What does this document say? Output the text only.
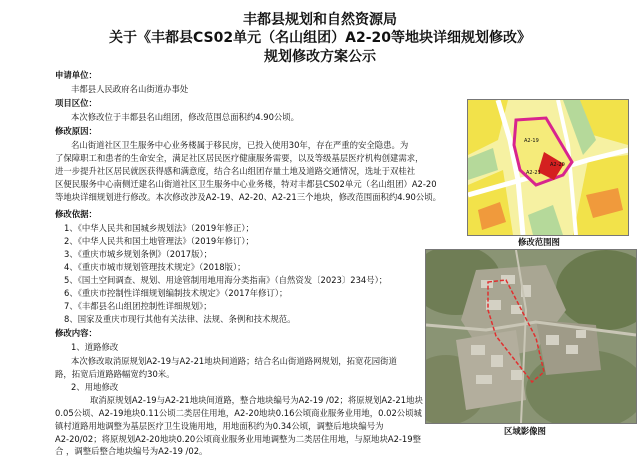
丰都县规划和自然资源局
关于《丰都县CS02单元（名山组团）A2-20等地块详细规划修改》
规划修改方案公示
申请单位：
丰都县人民政府名山街道办事处
项目区位：
本次修改位于丰都县名山组团，修改范围总面积约4.90公顷。
修改原因：
名山街道社区卫生服务中心业务楼属于移民房，已投入使用30年，存在严重的安全隐患。为
了保障职工和患者的生命安全，满足社区居民医疗健康服务需要，以及等级基层医疗机构创建需求，
进一步提升社区居民就医获得感和满意度，结合名山组团存量土地及道路交通情况，选址于双桂社
区便民服务中心南侧迁建名山街道社区卫生服务中心业务楼，特对丰都县CS02单元（名山组团）A2-20
等地块详细规划进行修改。本次修改涉及A2-19、A2-20、A2-21三个地块，修改范围面积约4.90公顷。
修改依据：
1、《中华人民共和国城乡规划法》（2019年修正）；
2、《中华人民共和国土地管理法》（2019年修订）；
3、《重庆市城乡规划条例》（2017版）；
4、《重庆市城市规划管理技术规定》（2018版）；
5、《国土空间调查、规划、用途管制用地用海分类指南》（自然资发〔2023〕234号）；
6、《重庆市控制性详细规划编制技术规定》（2017年修订）；
7、《丰都县名山组团控制性详细规划》；
8、国家及重庆市现行其他有关法律、法规、条例和技术规范。
修改内容：
1、道路修改
本次修改取消原规划A2-19与A2-21地块间道路；结合名山街道路网规划，拓宽花园街道
路，拓宽后道路路幅宽约30米。
2、用地修改
取消原规划A2-19与A2-21地块间道路，整合地块编号为A2-19 /02；将原规划A2-21地块
0.05公顷、A2-19地块0.11公顷二类居住用地，A2-20地块0.16公顷商业服务业用地，0.02公顷城
镇村道路用地调整为基层医疗卫生设施用地，用地面积约为0.34公顷，调整后地块编号为
A2-20/02；将原规划A2-20地块0.20公顷商业服务业用地调整为二类居住用地，与原地块A2-19整
合 ，调整后整合地块编号为A2-19 /02。
A2-19
A2-20
A2-21
修改范围图
区域影像图
